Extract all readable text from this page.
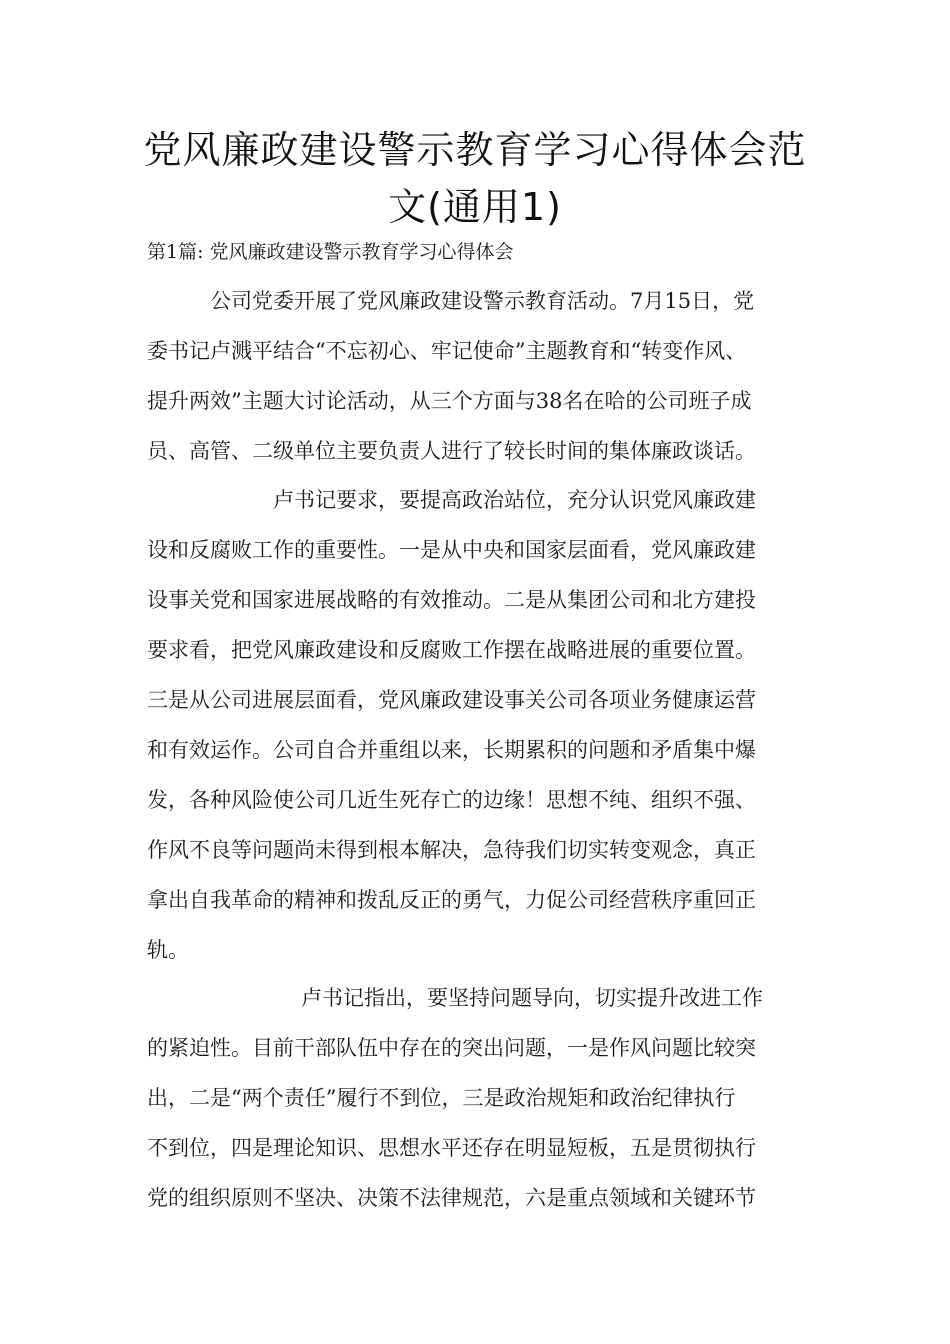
党风廉政建设警示教育学习心得体会范
文(通用1)
第1篇: 党风廉政建设警示教育学习心得体会
公司党委开展了党风廉政建设警示教育活动。7月15日，党
委书记卢溅平结合“不忘初心、牢记使命”主题教育和“转变作风、
提升两效”主题大讨论活动，从三个方面与38名在哈的公司班子成
员、高管、二级单位主要负责人进行了较长时间的集体廉政谈话。
卢书记要求，要提高政治站位，充分认识党风廉政建
设和反腐败工作的重要性。一是从中央和国家层面看，党风廉政建
设事关党和国家进展战略的有效推动。二是从集团公司和北方建投
要求看，把党风廉政建设和反腐败工作摆在战略进展的重要位置。
三是从公司进展层面看，党风廉政建设事关公司各项业务健康运营
和有效运作。公司自合并重组以来，长期累积的问题和矛盾集中爆
发，各种风险使公司几近生死存亡的边缘！思想不纯、组织不强、
作风不良等问题尚未得到根本解决，急待我们切实转变观念，真正
拿出自我革命的精神和拨乱反正的勇气，力促公司经营秩序重回正
轨。
卢书记指出，要坚持问题导向，切实提升改进工作
的紧迫性。目前干部队伍中存在的突出问题，一是作风问题比较突
出，二是“两个责任”履行不到位，三是政治规矩和政治纪律执行
不到位，四是理论知识、思想水平还存在明显短板，五是贯彻执行
党的组织原则不坚决、决策不法律规范，六是重点领域和关键环节
